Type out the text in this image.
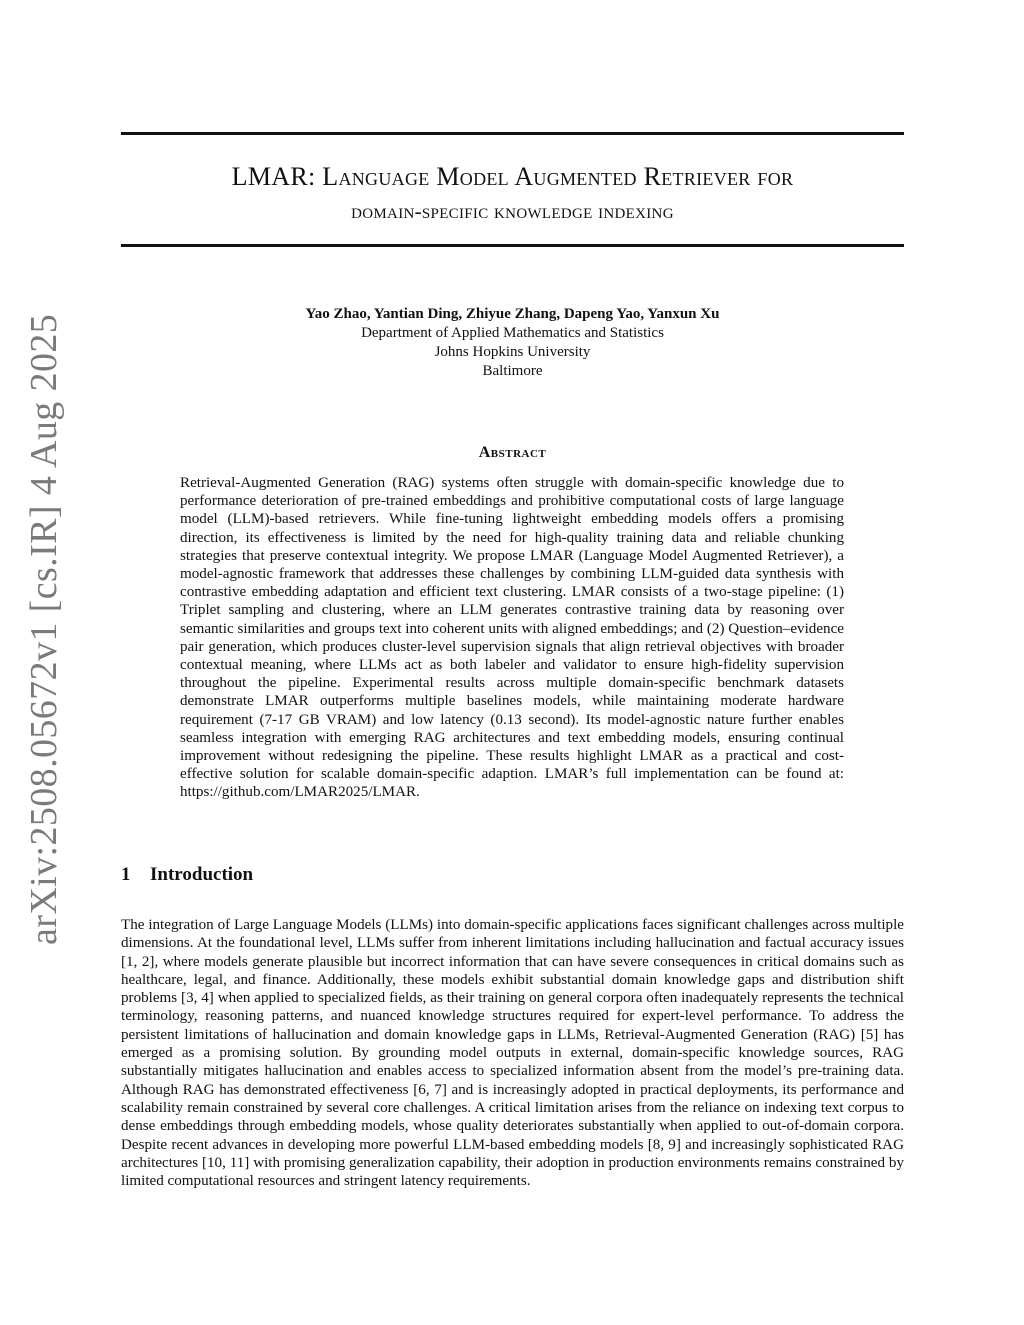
arXiv:2508.05672v1 [cs.IR] 4 Aug 2025
LMAR: Language Model Augmented Retriever for
domain-specific knowledge indexing
Yao Zhao, Yantian Ding, Zhiyue Zhang, Dapeng Yao, Yanxun Xu
Department of Applied Mathematics and Statistics
Johns Hopkins University
Baltimore
Abstract
Retrieval-Augmented Generation (RAG) systems often struggle with domain-specific knowledge due to performance deterioration of pre-trained embeddings and prohibitive computational costs of large language model (LLM)-based retrievers. While fine-tuning lightweight embedding models offers a promising direction, its effectiveness is limited by the need for high-quality training data and reliable chunking strategies that preserve contextual integrity. We propose LMAR (Language Model Augmented Retriever), a model-agnostic framework that addresses these challenges by combining LLM-guided data synthesis with contrastive embedding adaptation and efficient text clustering. LMAR consists of a two-stage pipeline: (1) Triplet sampling and clustering, where an LLM generates contrastive training data by reasoning over semantic similarities and groups text into coherent units with aligned embeddings; and (2) Question–evidence pair generation, which produces cluster-level supervision signals that align retrieval objectives with broader contextual meaning, where LLMs act as both labeler and validator to ensure high-fidelity supervision throughout the pipeline. Experimental results across multiple domain-specific benchmark datasets demonstrate LMAR outperforms multiple baselines models, while maintaining moderate hardware requirement (7-17 GB VRAM) and low latency (0.13 second). Its model-agnostic nature further enables seamless integration with emerging RAG architectures and text embedding models, ensuring continual improvement without redesigning the pipeline. These results highlight LMAR as a practical and cost-effective solution for scalable domain-specific adaption. LMAR’s full implementation can be found at: https://github.com/LMAR2025/LMAR.
1 Introduction
The integration of Large Language Models (LLMs) into domain-specific applications faces significant challenges across multiple dimensions. At the foundational level, LLMs suffer from inherent limitations including hallucination and factual accuracy issues [1, 2], where models generate plausible but incorrect information that can have severe consequences in critical domains such as healthcare, legal, and finance. Additionally, these models exhibit substantial domain knowledge gaps and distribution shift problems [3, 4] when applied to specialized fields, as their training on general corpora often inadequately represents the technical terminology, reasoning patterns, and nuanced knowledge structures required for expert-level performance. To address the persistent limitations of hallucination and domain knowledge gaps in LLMs, Retrieval-Augmented Generation (RAG) [5] has emerged as a promising solution. By grounding model outputs in external, domain-specific knowledge sources, RAG substantially mitigates hallucination and enables access to specialized information absent from the model’s pre-training data. Although RAG has demonstrated effectiveness [6, 7] and is increasingly adopted in practical deployments, its performance and scalability remain constrained by several core challenges. A critical limitation arises from the reliance on indexing text corpus to dense embeddings through embedding models, whose quality deteriorates substantially when applied to out-of-domain corpora. Despite recent advances in developing more powerful LLM-based embedding models [8, 9] and increasingly sophisticated RAG architectures [10, 11] with promising generalization capability, their adoption in production environments remains constrained by limited computational resources and stringent latency requirements.
